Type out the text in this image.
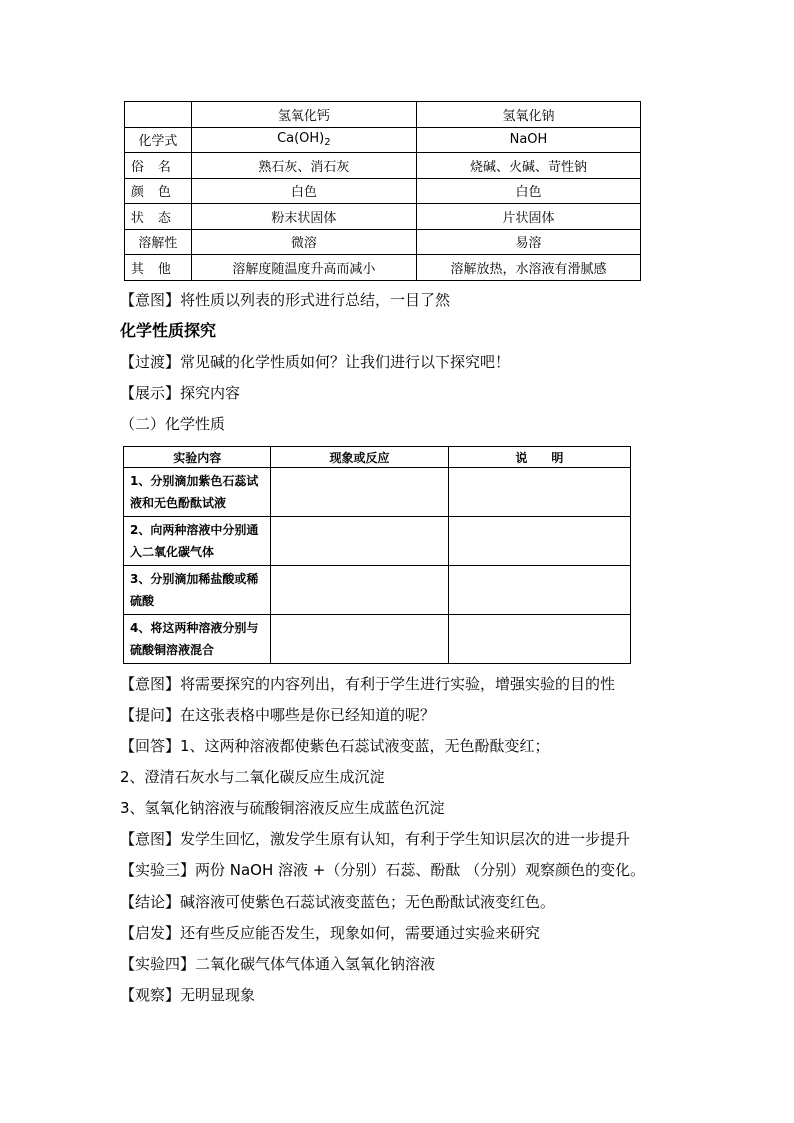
	氢氧化钙	氢氧化钠
化学式	$Ca(OH)_2$	NaOH
俗名	熟石灰、消石灰	烧碱、火碱、苛性钠
颜色	白色	白色
状态	粉末状固体	片状固体
溶解性	微溶	易溶
其他	溶解度随温度升高而减小	溶解放热，水溶液有滑腻感
【意图】将性质以列表的形式进行总结，一目了然
化学性质探究
【过渡】常见碱的化学性质如何？让我们进行以下探究吧！
【展示】探究内容
（二）化学性质
实验内容	现象或反应	说　　明
1、分别滴加紫色石蕊试液和无色酚酞试液		
2、向两种溶液中分别通入二氧化碳气体		
3、分别滴加稀盐酸或稀硫酸		
4、将这两种溶液分别与硫酸铜溶液混合		
【意图】将需要探究的内容列出，有利于学生进行实验，增强实验的目的性
【提问】在这张表格中哪些是你已经知道的呢？
【回答】1、这两种溶液都使紫色石蕊试液变蓝，无色酚酞变红；
2、澄清石灰水与二氧化碳反应生成沉淀
3、氢氧化钠溶液与硫酸铜溶液反应生成蓝色沉淀
【意图】发学生回忆，激发学生原有认知，有利于学生知识层次的进一步提升
【实验三】两份 NaOH 溶液 +（分别）石蕊、酚酞 （分别）观察颜色的变化。
【结论】碱溶液可使紫色石蕊试液变蓝色；无色酚酞试液变红色。
【启发】还有些反应能否发生，现象如何，需要通过实验来研究
【实验四】二氧化碳气体气体通入氢氧化钠溶液
【观察】无明显现象
